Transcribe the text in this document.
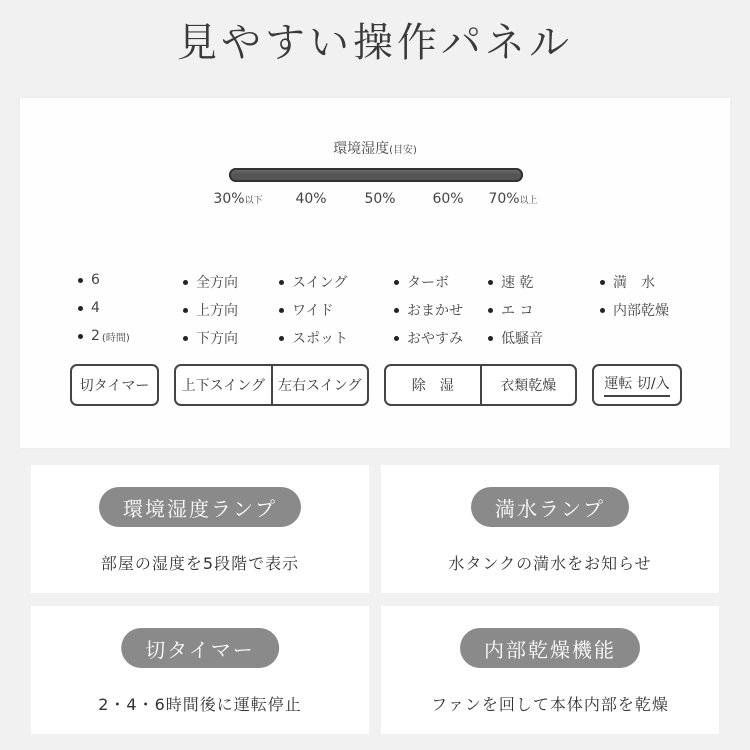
見やすい操作パネル
環境湿度(目安)
30%以下 40%	50%	60% 70%以上
6
4
2 (時間)
全方向
上方向
下方向
スイング
ワイド
スポット
ターボ
おまかせ
おやすみ
速 乾
エ コ
低騒音
満　水
内部乾燥
切タイマー	上下スイング 左右スイング	除　湿	衣類乾燥	運転 切/入
環境湿度ランプ
部屋の湿度を5段階で表示
満水ランプ
水タンクの満水をお知らせ
切タイマー
2・4・6時間後に運転停止
内部乾燥機能
ファンを回して本体内部を乾燥
